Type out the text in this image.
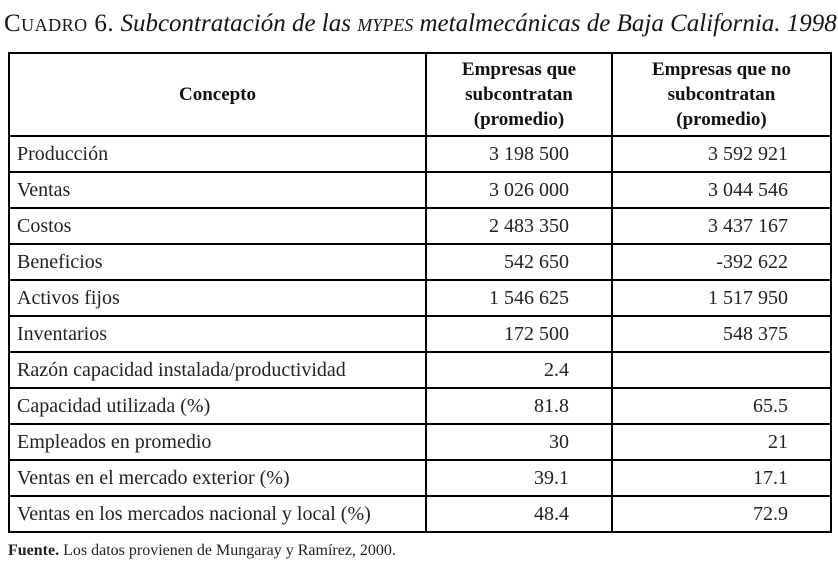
Cuadro 6. Subcontratación de las mypes metalmecánicas de Baja California. 1998
Concepto	Empresas que subcontratan (promedio)	Empresas que no subcontratan (promedio)
Producción	3 198 500	3 592 921
Ventas	3 026 000	3 044 546
Costos	2 483 350	3 437 167
Beneficios	542 650	-392 622
Activos fijos	1 546 625	1 517 950
Inventarios	172 500	548 375
Razón capacidad instalada/productividad	2.4	
Capacidad utilizada (%)	81.8	65.5
Empleados en promedio	30	21
Ventas en el mercado exterior (%)	39.1	17.1
Ventas en los mercados nacional y local (%)	48.4	72.9
Fuente. Los datos provienen de Mungaray y Ramírez, 2000.
